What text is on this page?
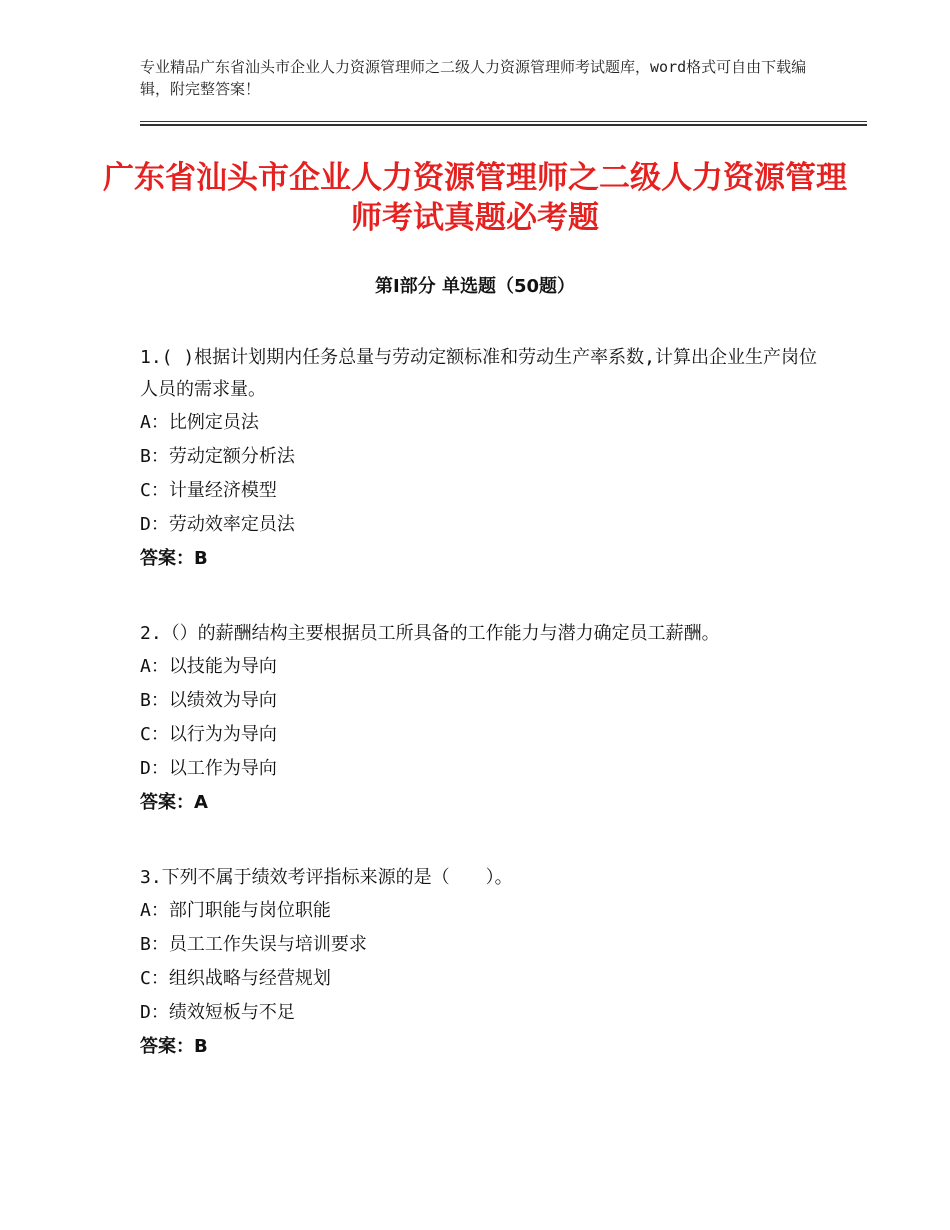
专业精品广东省汕头市企业人力资源管理师之二级人力资源管理师考试题库，word格式可自由下载编辑，附完整答案！
广东省汕头市企业人力资源管理师之二级人力资源管理师考试真题必考题
第Ⅰ部分 单选题（50题）

1.( )根据计划期内任务总量与劳动定额标准和劳动生产率系数,计算出企业生产岗位人员的需求量。

A：比例定员法

B：劳动定额分析法

C：计量经济模型

D：劳动效率定员法

答案：B

2.（）的薪酬结构主要根据员工所具备的工作能力与潜力确定员工薪酬。

A：以技能为导向

B：以绩效为导向

C：以行为为导向

D：以工作为导向

答案：A

3.下列不属于绩效考评指标来源的是（　　）。

A：部门职能与岗位职能

B：员工工作失误与培训要求

C：组织战略与经营规划

D：绩效短板与不足

答案：B
